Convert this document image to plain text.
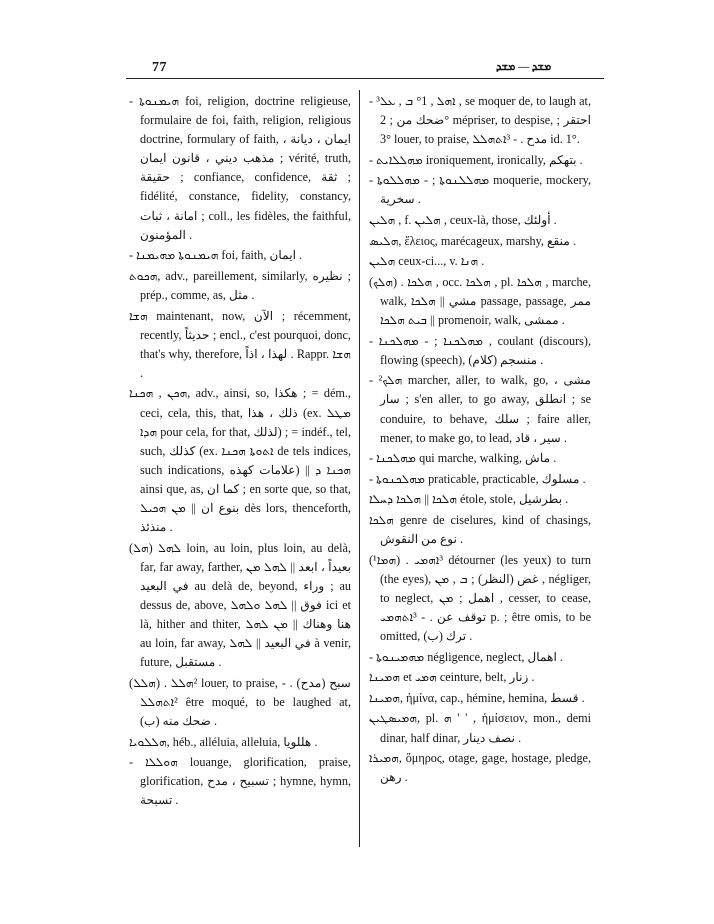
77	ܡܫܕ — ܡܫܕ

- ܗܝܡܢܘܬܐ foi, religion, doctrine religieuse, formulaire de foi, faith, religion, religious doctrine, formulary of faith, ايمان ، ديانة ، مذهب ديني ، قانون ايمان ; vérité, truth, حقيقة ; confiance, confidence, ثقة ; fidélité, constance, fidelity, constancy, امانة ، ثبات ; coll., les fidèles, the faithful, المؤمنون .

- ܗܝܡܢܘܬܐ ܡܗܝܡܢܐ foi, faith, ايمان .

ܗܟܘܬ, adv., pareillement, similarly, نظيره ; prép., comme, as, مثل .

ܗܫܐ maintenant, now, الآن ; récemment, recently, حديثاً ; encl., c'est pourquoi, donc, that's why, therefore, لهذا ، اذاً . Rappr. ܗܫܐ .

ܗܟܢ , ܗܟܢܐ, adv., ainsi, so, هكذا ; = dém., ceci, cela, this, that, ذلك ، هذا (ex. ܡܛܠ ܗܕܐ pour cela, for that, لذلك) ; = indéf., tel, such, كذلك (ex. ܐܬܘܬܐ ܗܟܢܐ de tels indices, such indications, علامات كهذه) || ܗܟܢܐ ܕ ainsi que, as, كما ان ; en sorte que, so that, بنوع ان || ܡܢ ܗܟܝܠ dès lors, thenceforth, منذئذ .

(ܗܠ) ܠܗܠ loin, au loin, plus loin, au delà, far, far away, farther, بعيداً ، ابعد || ܠܗܠ ܡܢ في البعيد au delà de, beyond, وراء ; au dessus de, above, فوق || ܠܗܠ ܘܠܗܠ ici et là, hither and thiter, هنا وهناك || ܡܢ ܠܗܠ au loin, far away, في البعيد || ܠܗܠ à venir, future, مستقبل .

(ܗܠܠ) . ²ܗܠܠ louer, to praise, سبح (مدح) . - ²ܐܬܗܠܠ être moqué, to be laughed at, ضحك منه (ب) .

ܗܠܠܘܝܐ, héb., alléluia, alleluia, هللويا .

- ܗܘܠܠܐ louange, glorification, praise, glorification, تسبيح ، مدح ; hymne, hymn, تسبحة .

- ³ܐܗܠ , 1° ܒ , ܥܠ , se moquer de, to laugh at, ضحك من ; 2° mépriser, to despise, احتقر ; 3° louer, to praise, مدح . - ³ܐܬܗܠܠ id. 1°.

- ܡܗܠܠܐܝܬ ironiquement, ironically, بتهكم .

- ܡܗܠܠܢܘܬܐ ; - ܡܗܠܠܘܬܐ moquerie, mockery, سخرية .

ܗܠܝܢ , f. ܗܠܝܢ , ceux-là, those, أولئك .

ܗܠܝܣ, ἕλειος, marécageux, marshy, منقع .

ܗܠܝܢ ceux-ci..., v. ܗܢܐ .

(ܗܠܟ) . ܗܠܟܐ , occ. ܗܠܟܐ , pl. ܗܠܟܐ , marche, walk, مشي || ܗܠܟܐ passage, passage, ممر || ܒܝܬ ܗܠܟܐ promenoir, walk, ممشى .

- ܡܗܠܟܢܐ ; - ܡܗܠܟܢܐ , coulant (discours), flowing (speech), منسجم (كلام) .

- ²ܗܠܟ marcher, aller, to walk, go, مشى ، سار ; s'en aller, to go away, انطلق ; se conduire, to behave, سلك ; faire aller, mener, to make go, to lead, سير ، قاد .

- ܡܗܠܟܢܐ qui marche, walking, ماش .

- ܡܗܠܟܢܘܬܐ praticable, practicable, مسلوك .

ܗܠܟܐ || ܗܠܟܐ ܕܚܠܐ étole, stole, بطرشيل .

ܗܠܟܐ genre de ciselures, kind of chasings, نوع من النقوش .

(¹ܗܡܐ) . ³ܐܗܡܝ détourner (les yeux) to turn (the eyes), غض (النظر) ; ܒ , ܡܢ , négliger, to neglect, اهمل ; ܡܢ , cesser, to cease, توقف عن . - ³ܐܬܗܡܝ p. ; être omis, to be omitted, ترك (ب) .

- ܡܗܡܝܢܘܬܐ négligence, neglect, اهمال .

ܗܡܝܢܐ et ܗܡܝ ceinture, belt, زنار .

ܗܡܝܢܐ, ἡμίνα, cap., hémine, hemina, قسط .

ܗܡܝܣܛܝܢ, pl. ܗ ' ' , ἡμίσειον, mon., demi dinar, half dinar, نصف دينار .

ܗܡܝܪܐ, ὅμηρος, otage, gage, hostage, pledge, رهن .
